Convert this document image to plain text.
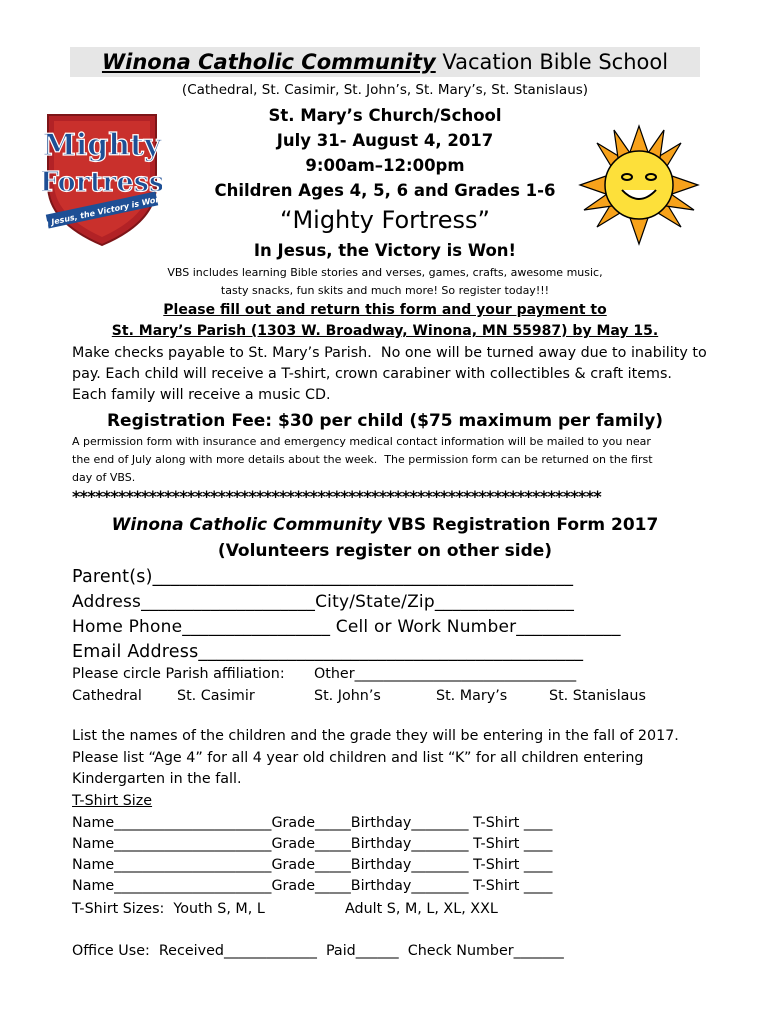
Winona Catholic Community Vacation Bible School
(Cathedral, St. Casimir, St. John’s, St. Mary’s, St. Stanislaus)
Mighty
Fortress
In Jesus, the Victory is Won!
St. Mary’s Church/School
July 31- August 4, 2017
9:00am–12:00pm
Children Ages 4, 5, 6 and Grades 1-6
“Mighty Fortress”
In Jesus, the Victory is Won!
VBS includes learning Bible stories and verses, games, crafts, awesome music,
tasty snacks, fun skits and much more! So register today!!!
Please fill out and return this form and your payment to
St. Mary’s Parish (1303 W. Broadway, Winona, MN 55987) by May 15.
Make checks payable to St. Mary’s Parish.  No one will be turned away due to inability to
pay. Each child will receive a T-shirt, crown carabiner with collectibles & craft items.
Each family will receive a music CD.
Registration Fee: $30 per child ($75 maximum per family)
A permission form with insurance and emergency medical contact information will be mailed to you near
the end of July along with more details about the week.  The permission form can be returned on the first
day of VBS.
*********************************************************************
Winona Catholic Community VBS Registration Form 2017
(Volunteers register on other side)
Parent(s)_______________________________________________
Address____________________City/State/Zip________________
Home Phone_________________ Cell or Work Number____________
Email Address___________________________________________
Please circle Parish affiliation: Other_______________________________
Cathedral St. Casimir	St. John’s	St. Mary’s	St. Stanislaus
List the names of the children and the grade they will be entering in the fall of 2017.
Please list “Age 4” for all 4 year old children and list “K” for all children entering
Kindergarten in the fall.
T-Shirt Size
Name______________________Grade_____Birthday________ T-Shirt ____
Name______________________Grade_____Birthday________ T-Shirt ____
Name______________________Grade_____Birthday________ T-Shirt ____
Name______________________Grade_____Birthday________ T-Shirt ____
T-Shirt Sizes:  Youth S, M, L	Adult S, M, L, XL, XXL
Office Use:  Received_____________  Paid______  Check Number_______
